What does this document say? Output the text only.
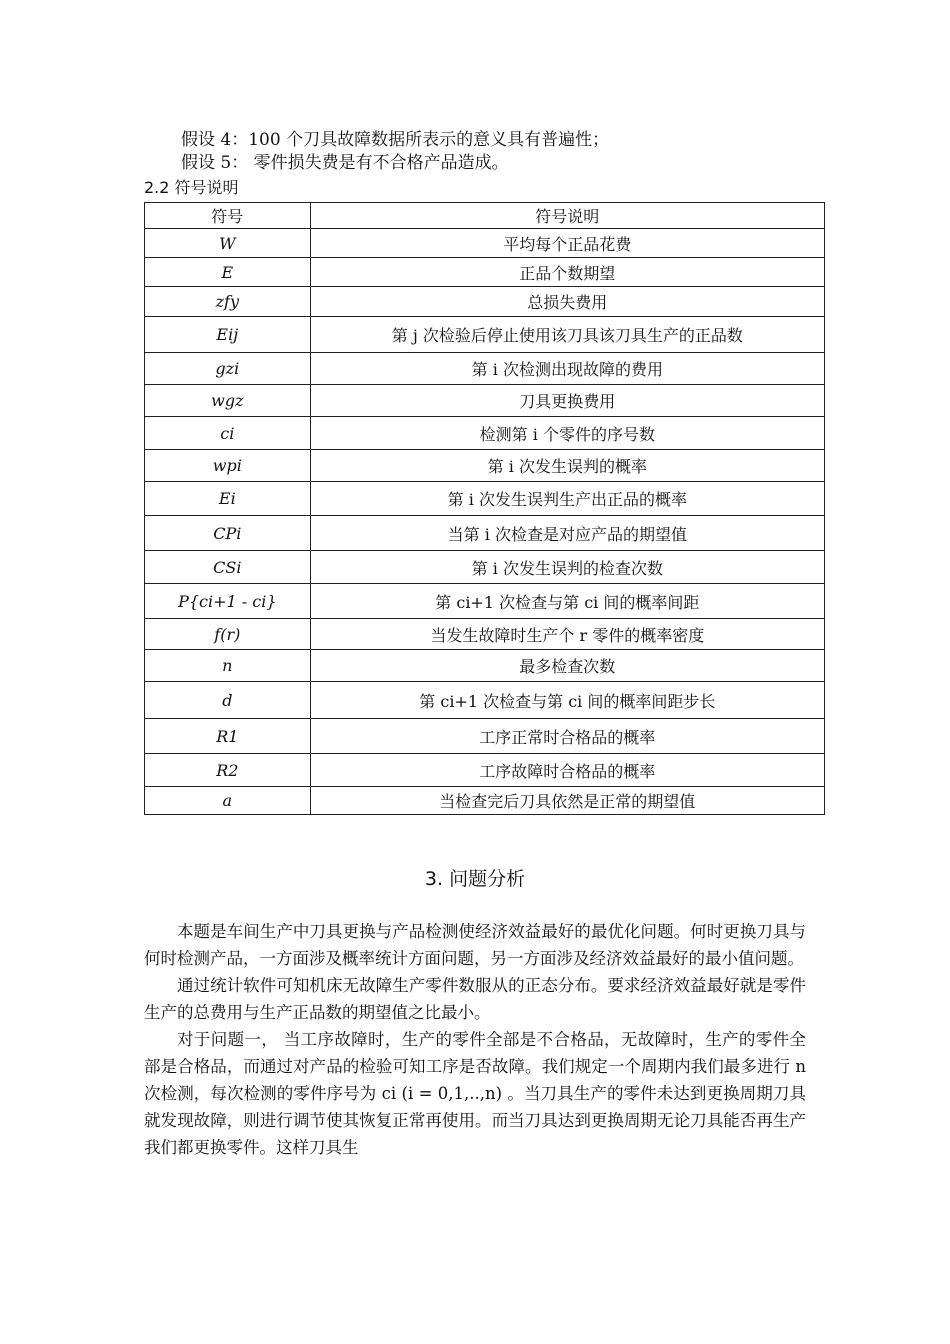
假设 4：100 个刀具故障数据所表示的意义具有普遍性；
假设 5： 零件损失费是有不合格产品造成。
2.2 符号说明
符号	符号说明
W	平均每个正品花费
E	正品个数期望
zfy	总损失费用
Eij	第 j 次检验后停止使用该刀具该刀具生产的正品数
gzi	第 i 次检测出现故障的费用
wgz	刀具更换费用
ci	检测第 i 个零件的序号数
wpi	第 i 次发生误判的概率
Ei	第 i 次发生误判生产出正品的概率
CPi	当第 i 次检查是对应产品的期望值
CSi	第 i 次发生误判的检查次数
P{ci+1 - ci}	第 ci+1 次检查与第 ci 间的概率间距
f(r)	当发生故障时生产个 r 零件的概率密度
n	最多检查次数
d	第 ci+1 次检查与第 ci 间的概率间距步长
R1	工序正常时合格品的概率
R2	工序故障时合格品的概率
a	当检查完后刀具依然是正常的期望值
3. 问题分析

本题是车间生产中刀具更换与产品检测使经济效益最好的最优化问题。何时更换刀具与何时检测产品，一方面涉及概率统计方面问题，另一方面涉及经济效益最好的最小值问题。

通过统计软件可知机床无故障生产零件数服从的正态分布。要求经济效益最好就是零件生产的总费用与生产正品数的期望值之比最小。

对于问题一， 当工序故障时，生产的零件全部是不合格品，无故障时，生产的零件全部是合格品，而通过对产品的检验可知工序是否故障。我们规定一个周期内我们最多进行 n 次检测，每次检测的零件序号为 ci (i = 0,1,..,n) 。当刀具生产的零件未达到更换周期刀具就发现故障，则进行调节使其恢复正常再使用。而当刀具达到更换周期无论刀具能否再生产我们都更换零件。这样刀具生
